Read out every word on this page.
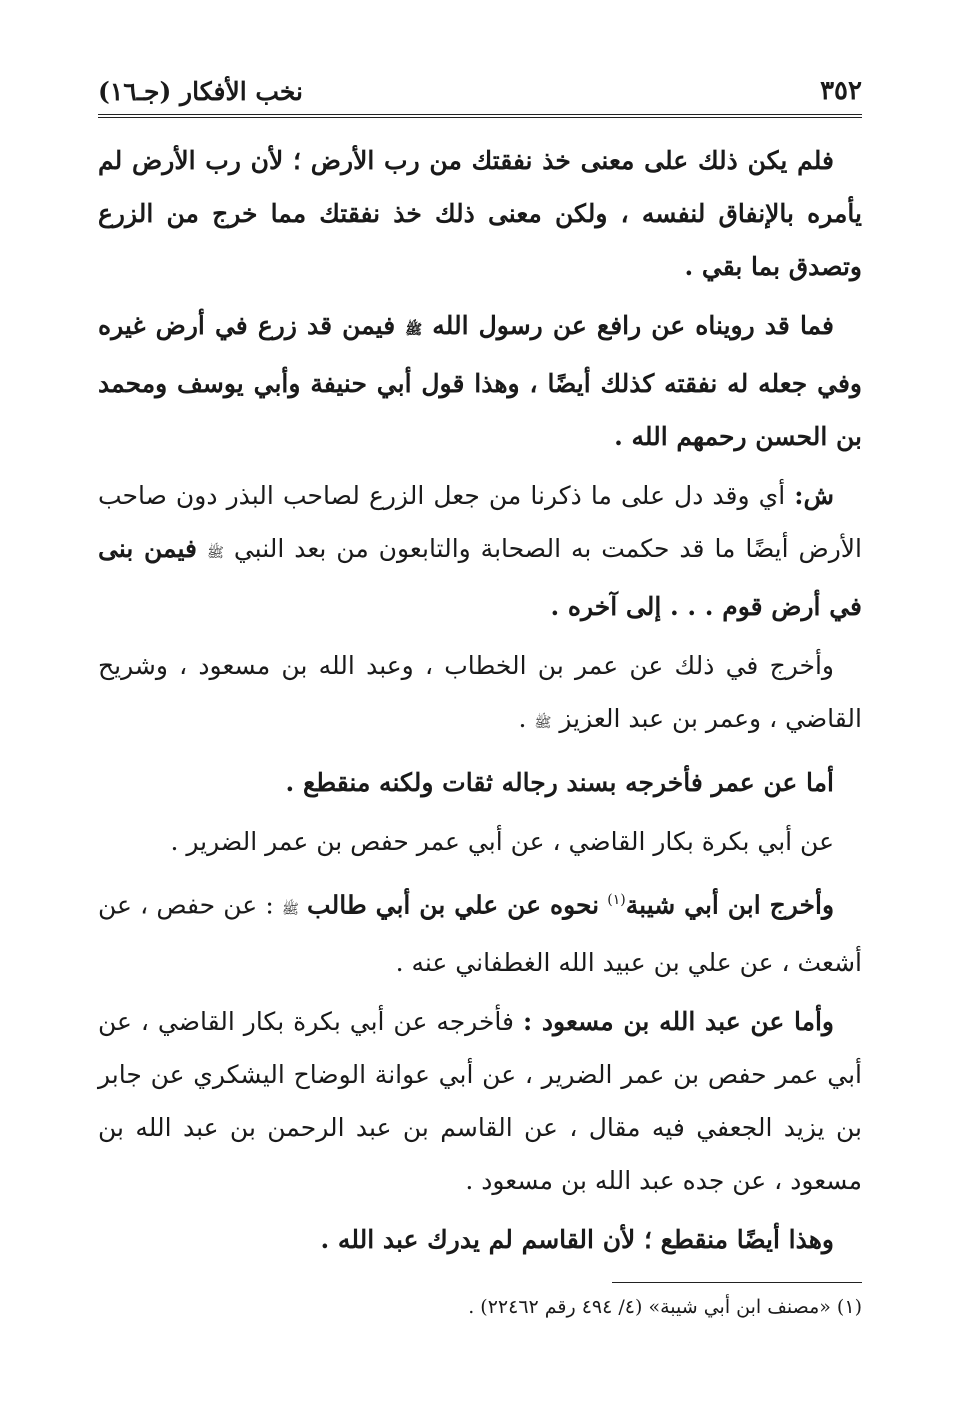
٣٥٢
نخب الأفكار (جـ١٦)

فلم يكن ذلك على معنى خذ نفقتك من رب الأرض ؛ لأن رب الأرض لم يأمره بالإنفاق لنفسه ، ولكن معنى ذلك خذ نفقتك مما خرج من الزرع وتصدق بما بقي .

فما قد رويناه عن رافع عن رسول الله ﷺ فيمن قد زرع في أرض غيره وفي جعله له نفقته كذلك أيضًا ، وهذا قول أبي حنيفة وأبي يوسف ومحمد بن الحسن رحمهم الله .

ش: أي وقد دل على ما ذكرنا من جعل الزرع لصاحب البذر دون صاحب الأرض أيضًا ما قد حكمت به الصحابة والتابعون من بعد النبي ﷺ فيمن بنى في أرض قوم . . . إلى آخره .

وأخرج في ذلك عن عمر بن الخطاب ، وعبد الله بن مسعود ، وشريح القاضي ، وعمر بن عبد العزيز ﷺ .

أما عن عمر فأخرجه بسند رجاله ثقات ولكنه منقطع .

عن أبي بكرة بكار القاضي ، عن أبي عمر حفص بن عمر الضرير .

وأخرج ابن أبي شيبة$^{(١)}$ نحوه عن علي بن أبي طالب ﷺ : عن حفص ، عن أشعث ، عن علي بن عبيد الله الغطفاني عنه .

وأما عن عبد الله بن مسعود : فأخرجه عن أبي بكرة بكار القاضي ، عن أبي عمر حفص بن عمر الضرير ، عن أبي عوانة الوضاح اليشكري عن جابر بن يزيد الجعفي فيه مقال ، عن القاسم بن عبد الرحمن بن عبد الله بن مسعود ، عن جده عبد الله بن مسعود .

وهذا أيضًا منقطع ؛ لأن القاسم لم يدرك عبد الله .

(١) «مصنف ابن أبي شيبة» (٤/ ٤٩٤ رقم ٢٢٤٦٢) .
